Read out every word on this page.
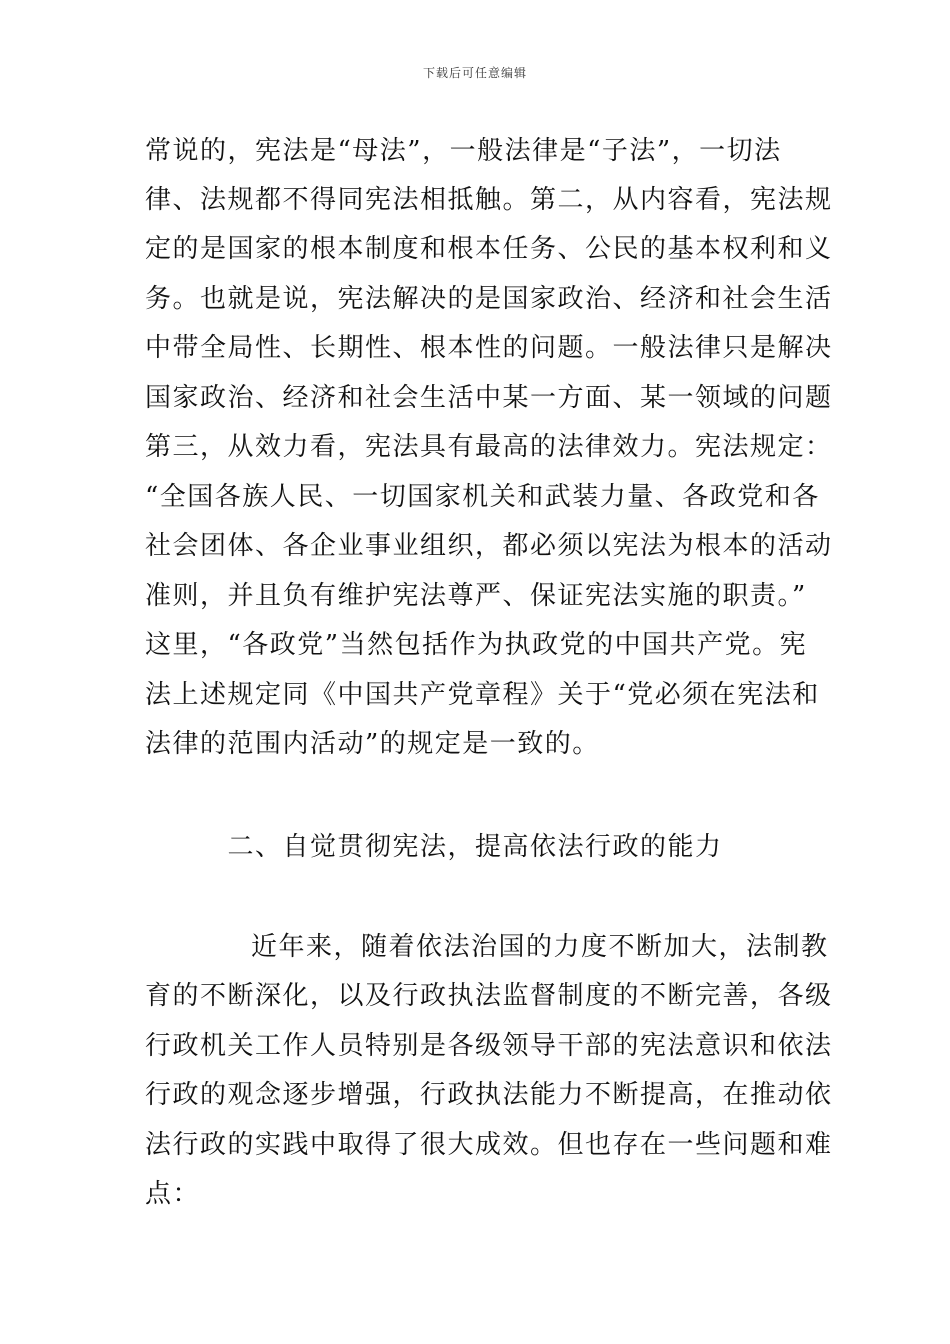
下载后可任意编辑
常说的，宪法是“母法”，一般法律是“子法”，一切法
律、法规都不得同宪法相抵触。第二，从内容看，宪法规
定的是国家的根本制度和根本任务、公民的基本权利和义
务。也就是说，宪法解决的是国家政治、经济和社会生活
中带全局性、长期性、根本性的问题。一般法律只是解决
国家政治、经济和社会生活中某一方面、某一领域的问题
第三，从效力看，宪法具有最高的法律效力。宪法规定：
“全国各族人民、一切国家机关和武装力量、各政党和各
社会团体、各企业事业组织，都必须以宪法为根本的活动
准则，并且负有维护宪法尊严、保证宪法实施的职责。”
这里，“各政党”当然包括作为执政党的中国共产党。宪
法上述规定同《中国共产党章程》关于“党必须在宪法和
法律的范围内活动”的规定是一致的。
二、自觉贯彻宪法，提高依法行政的能力
近年来，随着依法治国的力度不断加大，法制教
育的不断深化，以及行政执法监督制度的不断完善，各级
行政机关工作人员特别是各级领导干部的宪法意识和依法
行政的观念逐步增强，行政执法能力不断提高，在推动依
法行政的实践中取得了很大成效。但也存在一些问题和难
点：
